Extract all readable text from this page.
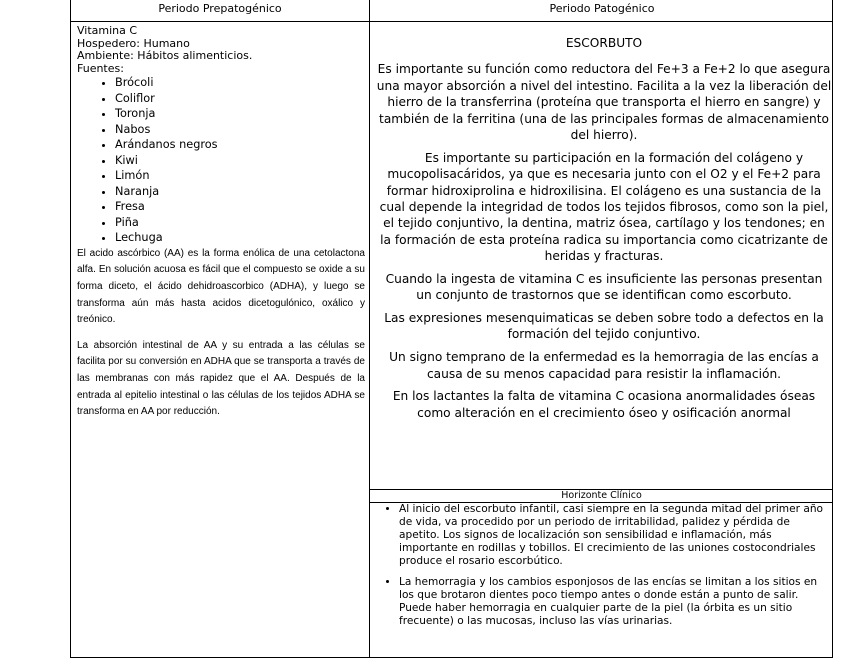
Periodo Prepatogénico	Periodo Patogénico

Vitamina C

Hospedero: Humano

Ambiente: Hábitos alimenticios.

Fuentes:

• Brócoli
• Coliflor
• Toronja
• Nabos
• Arándanos negros
• Kiwi
• Limón
• Naranja
• Fresa
• Piña
• Lechuga

El acido ascórbico (AA) es la forma enólica de una cetolactona alfa. En solución acuosa es fácil que el compuesto se oxide a su forma diceto, el ácido dehidroascorbico (ADHA), y luego se transforma aún más hasta acidos dicetogulónico, oxálico y treónico.

La absorción intestinal de AA y su entrada a las células se facilita por su conversión en ADHA que se transporta a través de las membranas con más rapidez que el AA. Después de la entrada al epitelio intestinal o las células de los tejidos ADHA se transforma en AA por reducción.

ESCORBUTO

Es importante su función como reductora del Fe+3 a Fe+2 lo que asegura una mayor absorción a nivel del intestino. Facilita a la vez la liberación del hierro de la transferrina (proteína que transporta el hierro en sangre) y también de la ferritina (una de las principales formas de almacenamiento del hierro).

Es importante su participación en la formación del colágeno y mucopolisacáridos, ya que es necesaria junto con el O2 y el Fe+2 para formar hidroxiprolina e hidroxilisina. El colágeno es una sustancia de la cual depende la integridad de todos los tejidos fibrosos, como son la piel, el tejido conjuntivo, la dentina, matriz ósea, cartílago y los tendones; en la formación de esta proteína radica su importancia como cicatrizante de heridas y fracturas.

Cuando la ingesta de vitamina C es insuficiente las personas presentan un conjunto de trastornos que se identifican como escorbuto.

Las expresiones mesenquimaticas se deben sobre todo a defectos en la formación del tejido conjuntivo.

Un signo temprano de la enfermedad es la hemorragia de las encías a causa de su menos capacidad para resistir la inflamación.

En los lactantes la falta de vitamina C ocasiona anormalidades óseas como alteración en el crecimiento óseo y osificación anormal

Horizonte Clínico
• Al inicio del escorbuto infantil, casi siempre en la segunda mitad del primer año de vida, va procedido por un periodo de irritabilidad, palidez y pérdida de apetito. Los signos de localización son sensibilidad e inflamación, más importante en rodillas y tobillos. El crecimiento de las uniones costocondriales produce el rosario escorbútico.
• La hemorragia y los cambios esponjosos de las encías se limitan a los sitios en los que brotaron dientes poco tiempo antes o donde están a punto de salir. Puede haber hemorragia en cualquier parte de la piel (la órbita es un sitio frecuente) o las mucosas, incluso las vías urinarias.
